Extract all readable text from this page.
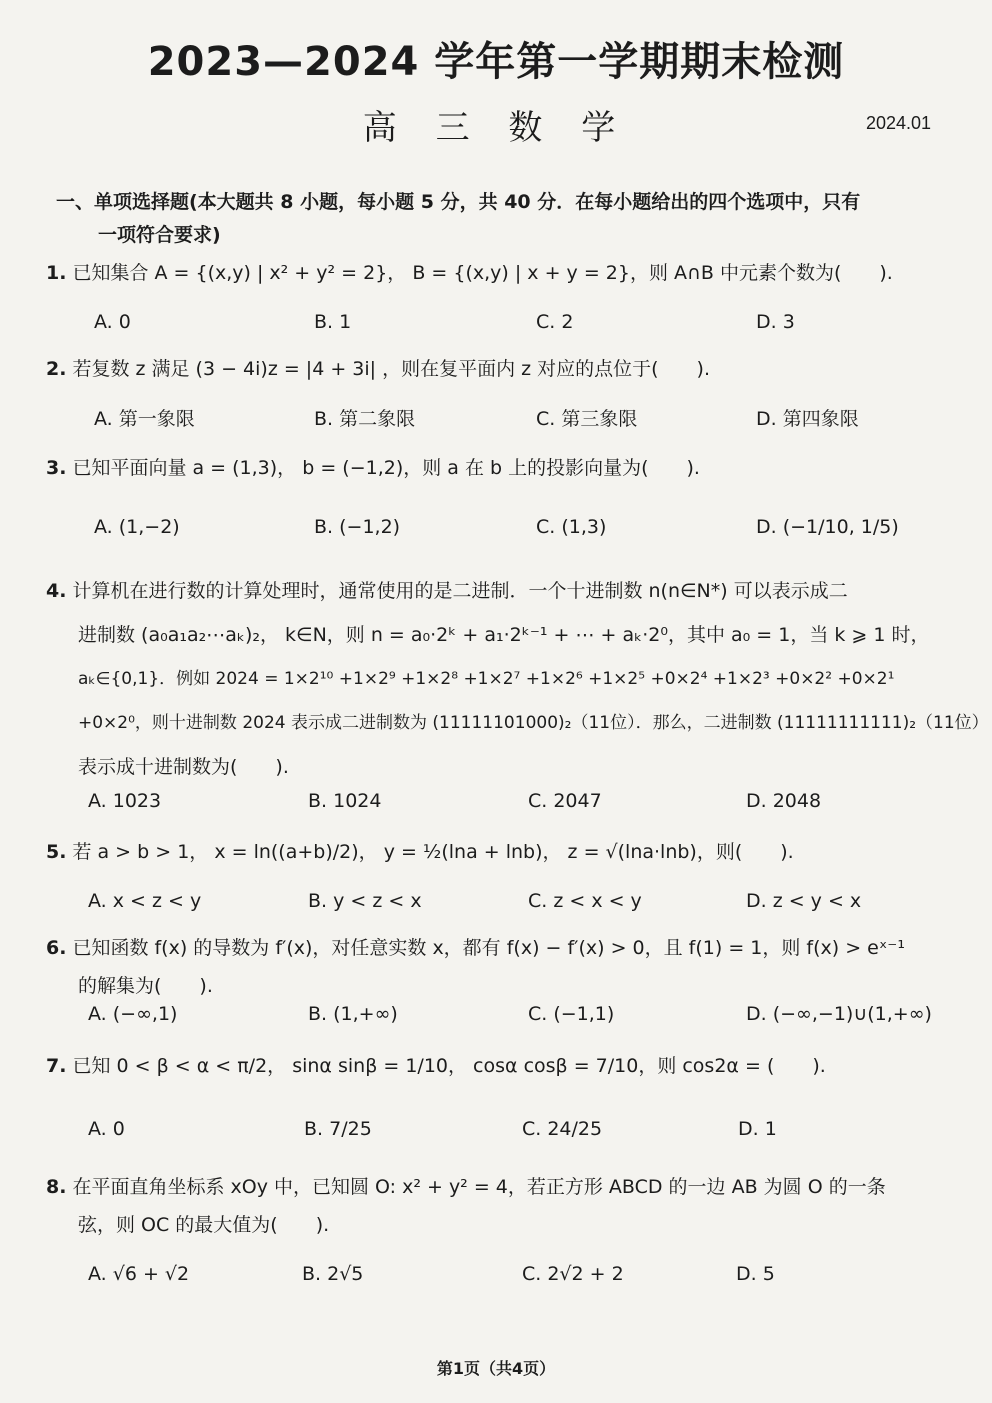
2023—2024 学年第一学期期末检测
高 三 数 学	2024.01
一、单项选择题(本大题共 8 小题，每小题 5 分，共 40 分．在每小题给出的四个选项中，只有
一项符合要求)
1. 已知集合 A = {(x,y) | x² + y² = 2}， B = {(x,y) | x + y = 2}，则 A∩B 中元素个数为(　　).
A. 0	B. 1	C. 2	D. 3
2. 若复数 z 满足 (3 − 4i)z = |4 + 3i| ，则在复平面内 z 对应的点位于(　　).
A. 第一象限	B. 第二象限	C. 第三象限	D. 第四象限
3. 已知平面向量 a = (1,3)， b = (−1,2)，则 a 在 b 上的投影向量为(　　).
A. (1,−2)	B. (−1,2)	C. (1,3)	D. (−1/10, 1/5)
4. 计算机在进行数的计算处理时，通常使用的是二进制．一个十进制数 n(n∈N*) 可以表示成二
进制数 (a₀a₁a₂⋯aₖ)₂， k∈N，则 n = a₀·2ᵏ + a₁·2ᵏ⁻¹ + ⋯ + aₖ·2⁰，其中 a₀ = 1，当 k ⩾ 1 时，
aₖ∈{0,1}．例如 2024 = 1×2¹⁰ +1×2⁹ +1×2⁸ +1×2⁷ +1×2⁶ +1×2⁵ +0×2⁴ +1×2³ +0×2² +0×2¹
+0×2⁰，则十进制数 2024 表示成二进制数为 (11111101000)₂（11位）．那么，二进制数 (11111111111)₂（11位）
表示成十进制数为(　　).
A. 1023	B. 1024	C. 2047	D. 2048
5. 若 a > b > 1， x = ln((a+b)/2)， y = ½(lna + lnb)， z = √(lna·lnb)，则(　　).
A. x < z < y	B. y < z < x	C. z < x < y	D. z < y < x
6. 已知函数 f(x) 的导数为 f′(x)，对任意实数 x，都有 f(x) − f′(x) > 0，且 f(1) = 1，则 f(x) > eˣ⁻¹
的解集为(　　).
A. (−∞,1)	B. (1,+∞)	C. (−1,1)	D. (−∞,−1)∪(1,+∞)
7. 已知 0 < β < α < π/2， sinα sinβ = 1/10， cosα cosβ = 7/10，则 cos2α = (　　).
A. 0	B. 7/25	C. 24/25	D. 1
8. 在平面直角坐标系 xOy 中，已知圆 O: x² + y² = 4，若正方形 ABCD 的一边 AB 为圆 O 的一条
弦，则 OC 的最大值为(　　).
A. √6 + √2	B. 2√5	C. 2√2 + 2	D. 5
第1页（共4页）
